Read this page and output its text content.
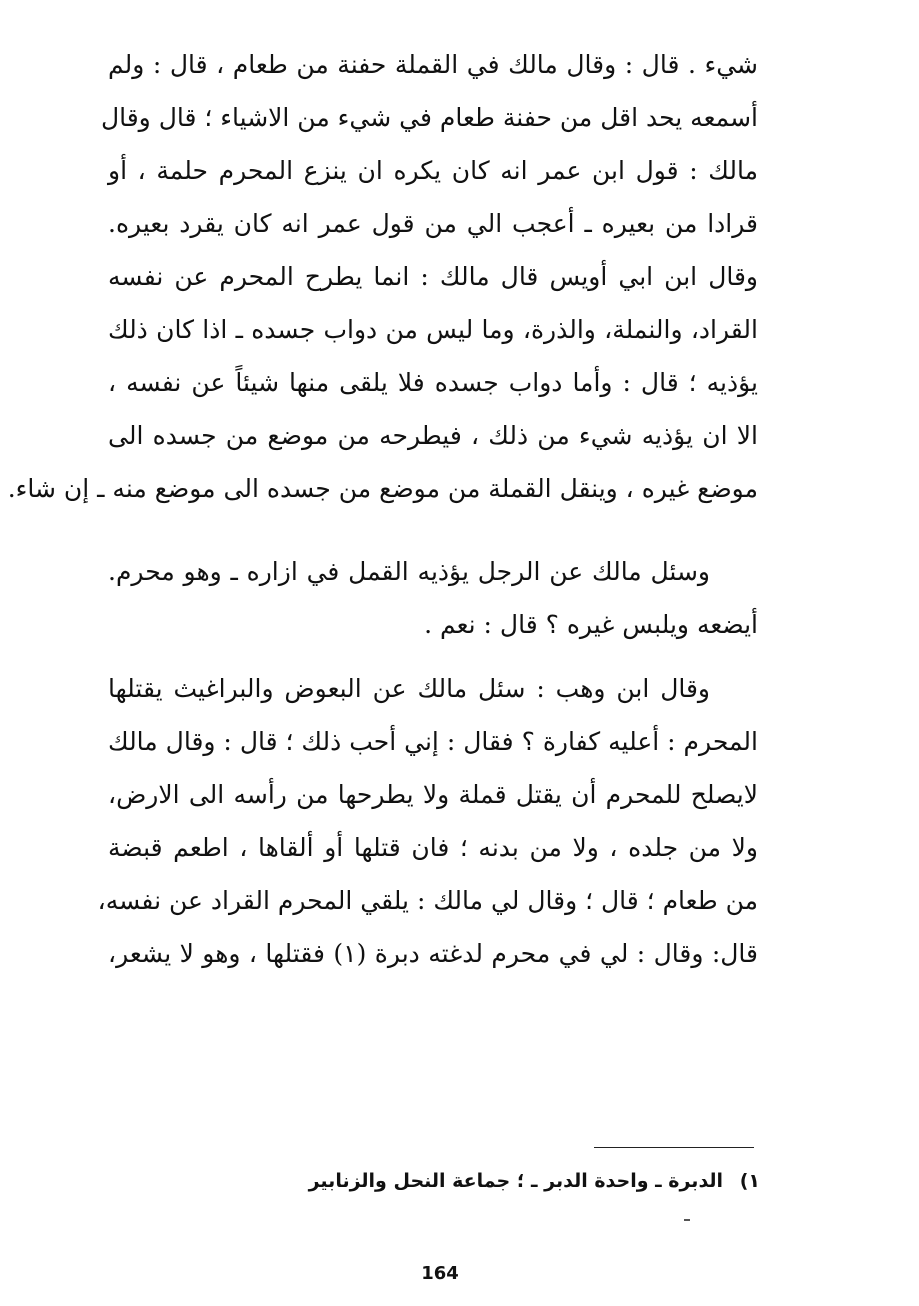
شيء . قال : وقال مالك في القملة حفنة من طعام ، قال : ولم
أسمعه يحد اقل من حفنة طعام في شيء من الاشياء ؛ قال وقال
مالك : قول ابن عمر انه كان يكره ان ينزع المحرم حلمة ، أو
قرادا من بعيره ـ أعجب الي من قول عمر انه كان يقرد بعيره.
وقال ابن ابي أويس قال مالك : انما يطرح المحرم عن نفسه
القراد، والنملة، والذرة، وما ليس من دواب جسده ـ اذا كان ذلك
يؤذيه ؛ قال : وأما دواب جسده فلا يلقى منها شيئاً عن نفسه ،
الا ان يؤذيه شيء من ذلك ، فيطرحه من موضع من جسده الى
موضع غيره ، وينقل القملة من موضع من جسده الى موضع منه ـ إن شاء.
وسئل مالك عن الرجل يؤذيه القمل في ازاره ـ وهو محرم.
أيضعه ويلبس غيره ؟ قال : نعم .
وقال ابن وهب : سئل مالك عن البعوض والبراغيث يقتلها
المحرم : أعليه كفارة ؟ فقال : إني أحب ذلك ؛ قال : وقال مالك
لايصلح للمحرم أن يقتل قملة ولا يطرحها من رأسه الى الارض،
ولا من جلده ، ولا من بدنه ؛ فان قتلها أو ألقاها ، اطعم قبضة
من طعام ؛ قال ؛ وقال لي مالك : يلقي المحرم القراد عن نفسه،
قال: وقال : لي في محرم لدغته دبرة (١) فقتلها ، وهو لا يشعر،
١) الدبرة ـ واحدة الدبر ـ ؛ جماعة النحل والزنابير
164
